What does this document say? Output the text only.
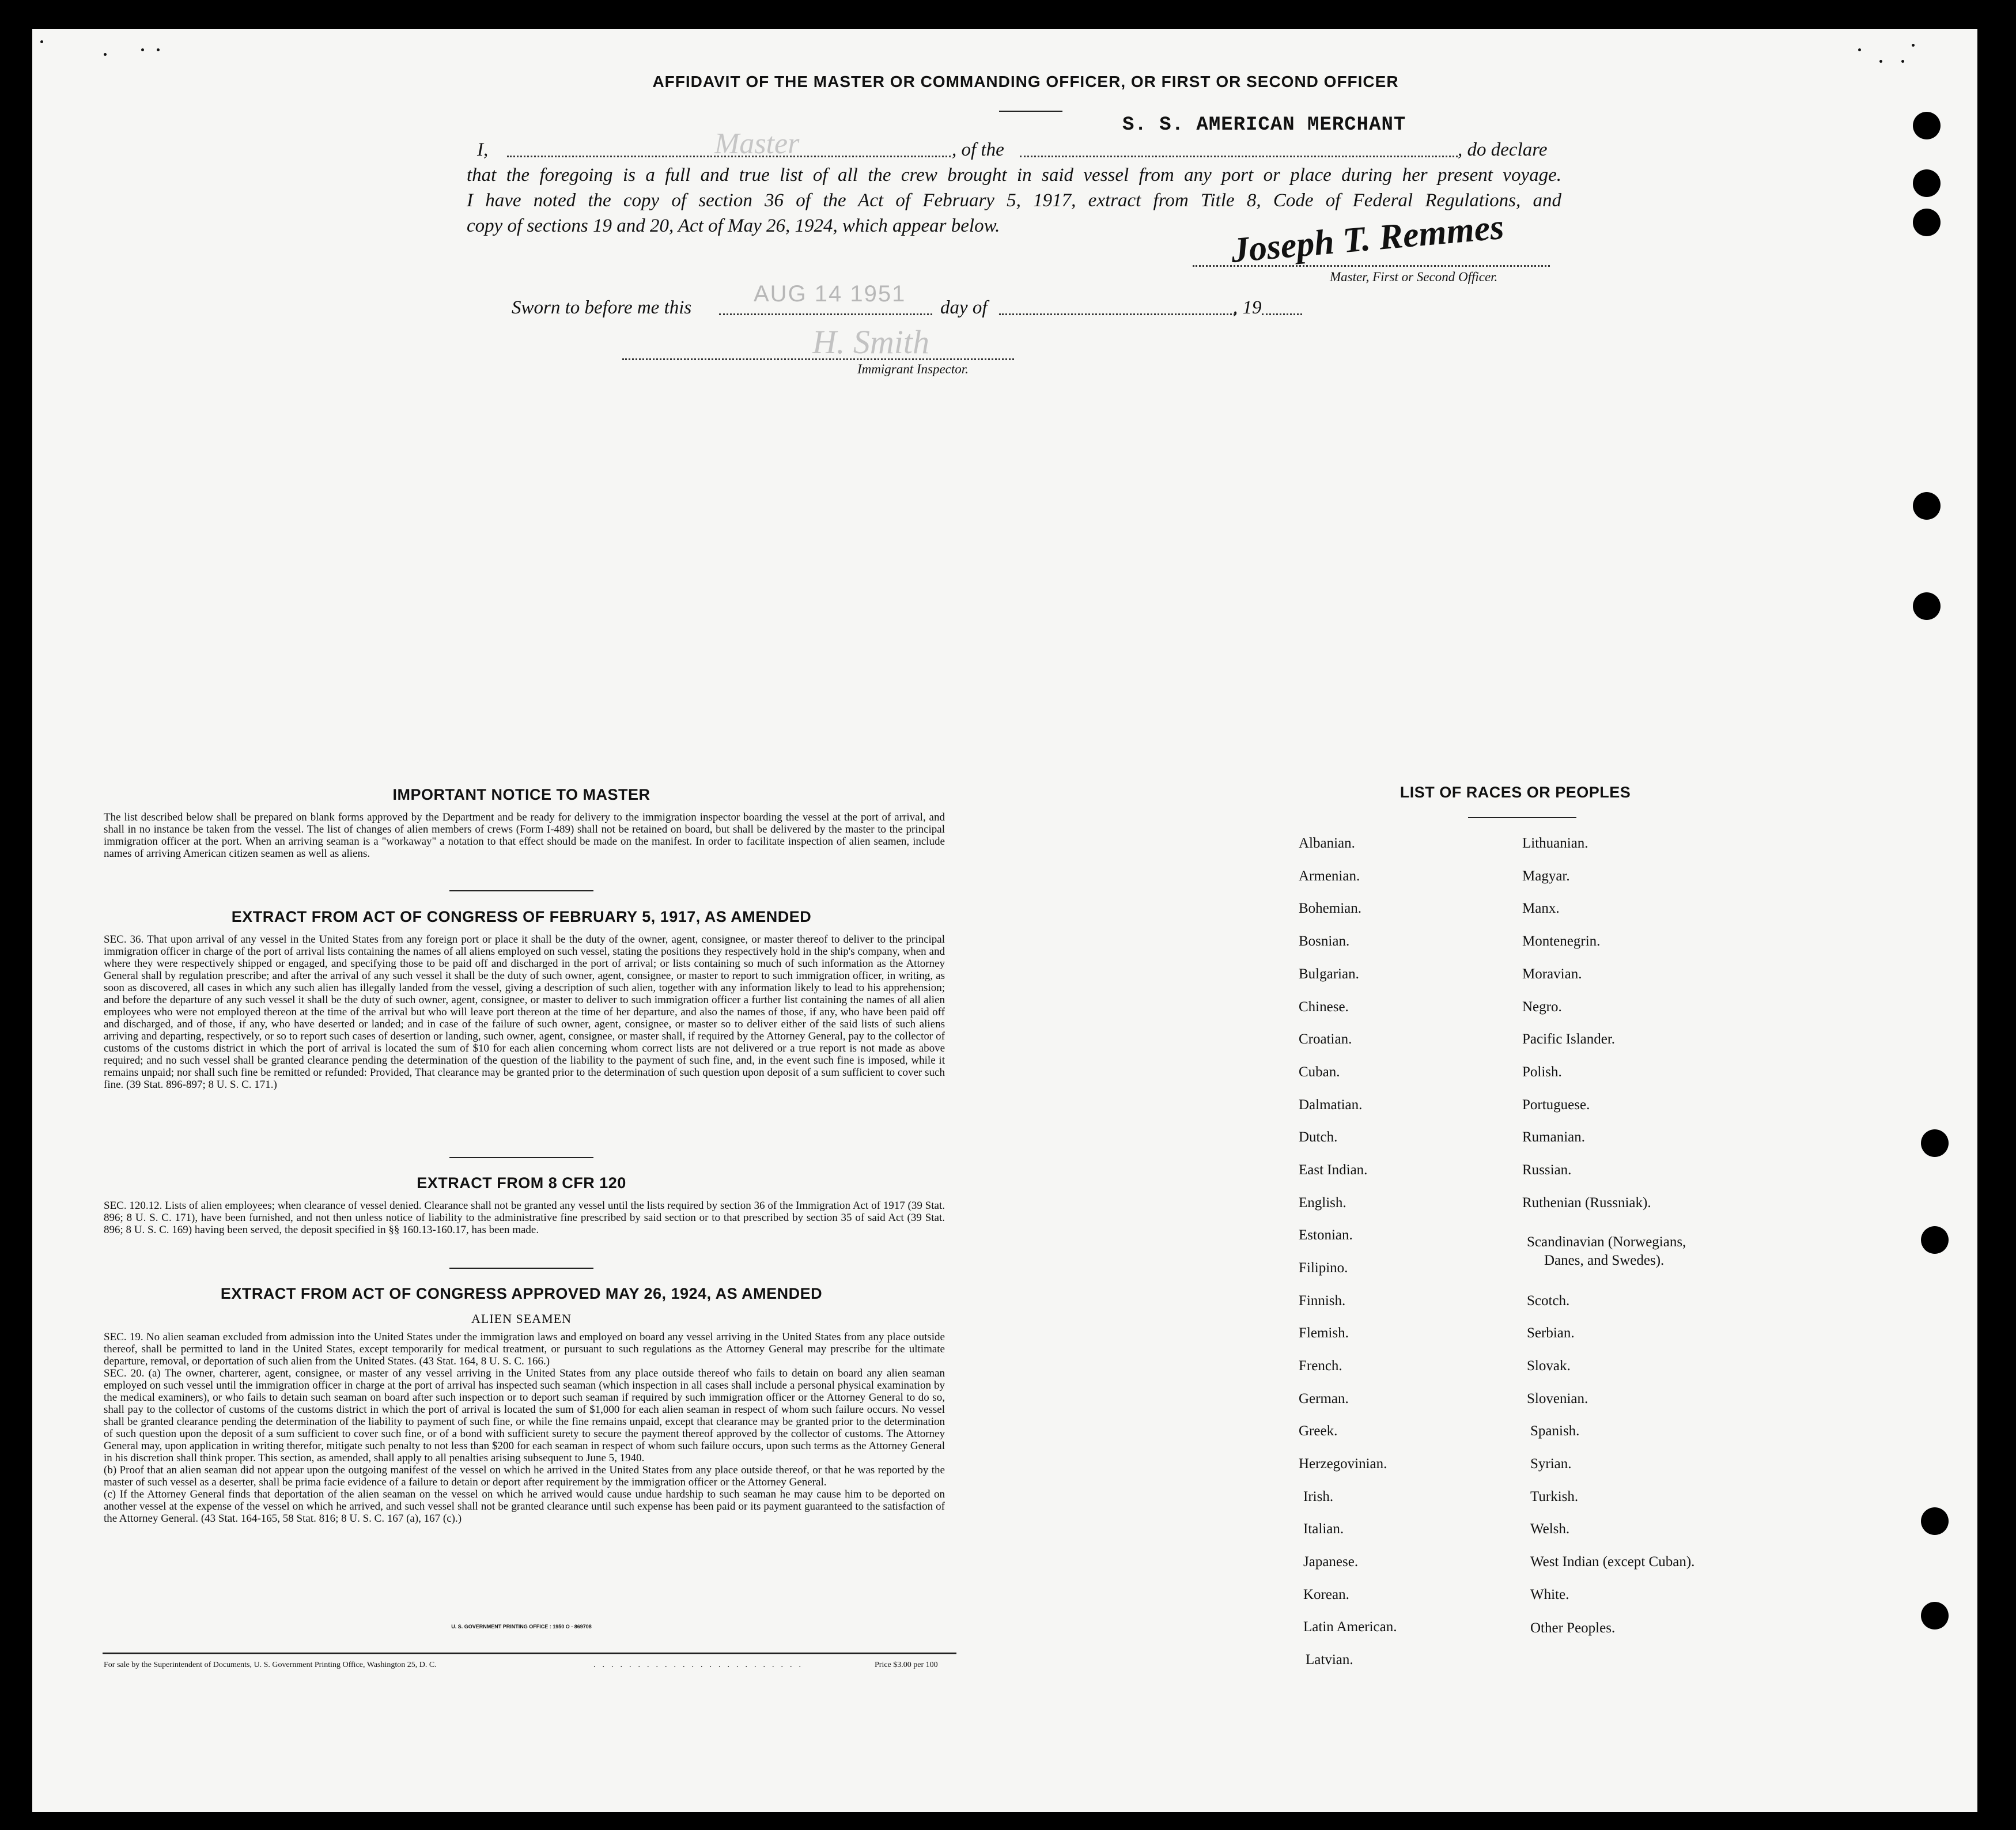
AFFIDAVIT OF THE MASTER OR COMMANDING OFFICER, OR FIRST OR SECOND OFFICER
I,	Master	, of the
S. S. AMERICAN MERCHANT
, do declare
that the foregoing is a full and true list of all the crew brought in said vessel from any port or place during her present voyage.
I have noted the copy of section 36 of the Act of February 5, 1917, extract from Title 8, Code of Federal Regulations, and
copy of sections 19 and 20, Act of May 26, 1924, which appear below.	Joseph T. Remmes
Master, First or Second Officer.
Sworn to before me this
AUG 14 1951
day of	, 19
H. Smith
Immigrant Inspector.
IMPORTANT NOTICE TO MASTER
The list described below shall be prepared on blank forms approved by the Department and be ready for delivery to the immigration inspector boarding the vessel at the port of arrival, and shall in no instance be taken from the vessel. The list of changes of alien members of crews (Form I-489) shall not be retained on board, but shall be delivered by the master to the principal immigration officer at the port. When an arriving seaman is a "workaway" a notation to that effect should be made on the manifest. In order to facilitate inspection of alien seamen, include names of arriving American citizen seamen as well as aliens.
EXTRACT FROM ACT OF CONGRESS OF FEBRUARY 5, 1917, AS AMENDED
SEC. 36. That upon arrival of any vessel in the United States from any foreign port or place it shall be the duty of the owner, agent, consignee, or master thereof to deliver to the principal immigration officer in charge of the port of arrival lists containing the names of all aliens employed on such vessel, stating the positions they respectively hold in the ship's company, when and where they were respectively shipped or engaged, and specifying those to be paid off and discharged in the port of arrival; or lists containing so much of such information as the Attorney General shall by regulation prescribe; and after the arrival of any such vessel it shall be the duty of such owner, agent, consignee, or master to report to such immigration officer, in writing, as soon as discovered, all cases in which any such alien has illegally landed from the vessel, giving a description of such alien, together with any information likely to lead to his apprehension; and before the departure of any such vessel it shall be the duty of such owner, agent, consignee, or master to deliver to such immigration officer a further list containing the names of all alien employees who were not employed thereon at the time of the arrival but who will leave port thereon at the time of her departure, and also the names of those, if any, who have been paid off and discharged, and of those, if any, who have deserted or landed; and in case of the failure of such owner, agent, consignee, or master so to deliver either of the said lists of such aliens arriving and departing, respectively, or so to report such cases of desertion or landing, such owner, agent, consignee, or master shall, if required by the Attorney General, pay to the collector of customs of the customs district in which the port of arrival is located the sum of $10 for each alien concerning whom correct lists are not delivered or a true report is not made as above required; and no such vessel shall be granted clearance pending the determination of the question of the liability to the payment of such fine, and, in the event such fine is imposed, while it remains unpaid; nor shall such fine be remitted or refunded: Provided, That clearance may be granted prior to the determination of such question upon deposit of a sum sufficient to cover such fine. (39 Stat. 896-897; 8 U. S. C. 171.)
EXTRACT FROM 8 CFR 120
SEC. 120.12. Lists of alien employees; when clearance of vessel denied. Clearance shall not be granted any vessel until the lists required by section 36 of the Immigration Act of 1917 (39 Stat. 896; 8 U. S. C. 171), have been furnished, and not then unless notice of liability to the administrative fine prescribed by said section or to that prescribed by section 35 of said Act (39 Stat. 896; 8 U. S. C. 169) having been served, the deposit specified in §§ 160.13-160.17, has been made.
EXTRACT FROM ACT OF CONGRESS APPROVED MAY 26, 1924, AS AMENDED
ALIEN SEAMEN
SEC. 19. No alien seaman excluded from admission into the United States under the immigration laws and employed on board any vessel arriving in the United States from any place outside thereof, shall be permitted to land in the United States, except temporarily for medical treatment, or pursuant to such regulations as the Attorney General may prescribe for the ultimate departure, removal, or deportation of such alien from the United States. (43 Stat. 164, 8 U. S. C. 166.)
SEC. 20. (a) The owner, charterer, agent, consignee, or master of any vessel arriving in the United States from any place outside thereof who fails to detain on board any alien seaman employed on such vessel until the immigration officer in charge at the port of arrival has inspected such seaman (which inspection in all cases shall include a personal physical examination by the medical examiners), or who fails to detain such seaman on board after such inspection or to deport such seaman if required by such immigration officer or the Attorney General to do so, shall pay to the collector of customs of the customs district in which the port of arrival is located the sum of $1,000 for each alien seaman in respect of whom such failure occurs. No vessel shall be granted clearance pending the determination of the liability to payment of such fine, or while the fine remains unpaid, except that clearance may be granted prior to the determination of such question upon the deposit of a sum sufficient to cover such fine, or of a bond with sufficient surety to secure the payment thereof approved by the collector of customs. The Attorney General may, upon application in writing therefor, mitigate such penalty to not less than $200 for each seaman in respect of whom such failure occurs, upon such terms as the Attorney General in his discretion shall think proper. This section, as amended, shall apply to all penalties arising subsequent to June 5, 1940.
(b) Proof that an alien seaman did not appear upon the outgoing manifest of the vessel on which he arrived in the United States from any place outside thereof, or that he was reported by the master of such vessel as a deserter, shall be prima facie evidence of a failure to detain or deport after requirement by the immigration officer or the Attorney General.
(c) If the Attorney General finds that deportation of the alien seaman on the vessel on which he arrived would cause undue hardship to such seaman he may cause him to be deported on another vessel at the expense of the vessel on which he arrived, and such vessel shall not be granted clearance until such expense has been paid or its payment guaranteed to the satisfaction of the Attorney General. (43 Stat. 164-165, 58 Stat. 816; 8 U. S. C. 167 (a), 167 (c).)
U. S. GOVERNMENT PRINTING OFFICE : 1950 O - 869708
For sale by the Superintendent of Documents, U. S. Government Printing Office, Washington 25, D. C.	........................	Price $3.00 per 100
LIST OF RACES OR PEOPLES
Albanian.
Armenian.
Bohemian.
Bosnian.
Bulgarian.
Chinese.
Croatian.
Cuban.
Dalmatian.
Dutch.
East Indian.
English.
Estonian.
Filipino.
Finnish.
Flemish.
French.
German.
Greek.
Herzegovinian.
Irish.
Italian.
Japanese.
Korean.
Latin American.
Latvian.
Lithuanian.
Magyar.
Manx.
Montenegrin.
Moravian.
Negro.
Pacific Islander.
Polish.
Portuguese.
Rumanian.
Russian.
Ruthenian (Russniak).
Scandinavian (Norwegians,
Danes, and Swedes).
Scotch.
Serbian.
Slovak.
Slovenian.
Spanish.
Syrian.
Turkish.
Welsh.
West Indian (except Cuban).
White.
Other Peoples.
